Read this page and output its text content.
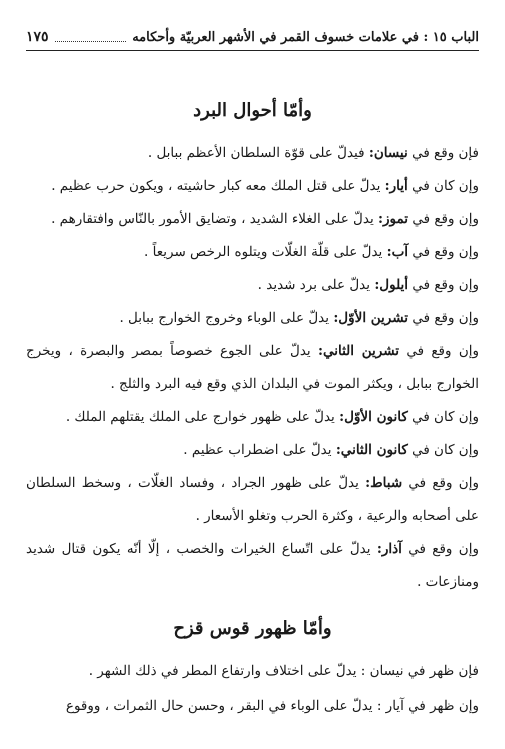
الباب ١٥ : في علامات خسوف القمر في الأشهر العربيّة وأحكامه
١٧٥
وأمّا أحوال البرد

فإن وقع في نيسان: فيدلّ على قوّة السلطان الأعظم ببابل .

وإن كان في أيار: يدلّ على قتل الملك معه كبار حاشيته ، ويكون حرب عظيم .

وإن وقع في تموز: يدلّ على الغلاء الشديد ، وتضايق الأمور بالنّاس وافتقارهم .

وإن وقع في آب: يدلّ على قلّة الغلّات ويتلوه الرخص سريعاً .

وإن وقع في أيلول: يدلّ على برد شديد .

وإن وقع في تشرين الأوّل: يدلّ على الوباء وخروج الخوارج ببابل .

وإن وقع في تشرين الثاني: يدلّ على الجوع خصوصاً بمصر والبصرة ، ويخرج الخوارج ببابل ، ويكثر الموت في البلدان الذي وقع فيه البرد والثلج .

وإن كان في كانون الأوّل: يدلّ على ظهور خوارج على الملك يقتلهم الملك .

وإن كان في كانون الثاني: يدلّ على اضطراب عظيم .

وإن وقع في شباط: يدلّ على ظهور الجراد ، وفساد الغلّات ، وسخط السلطان على أصحابه والرعية ، وكثرة الحرب وتغلو الأسعار .

وإن وقع في آذار: يدلّ على اتّساع الخيرات والخصب ، إلّا أنّه يكون قتال شديد ومنازعات .

وأمّا ظهور قوس قزح

فإن ظهر في نيسان : يدلّ على اختلاف وارتفاع المطر في ذلك الشهر .

وإن ظهر في آيار : يدلّ على الوباء في البقر ، وحسن حال الثمرات ، ووقوع
